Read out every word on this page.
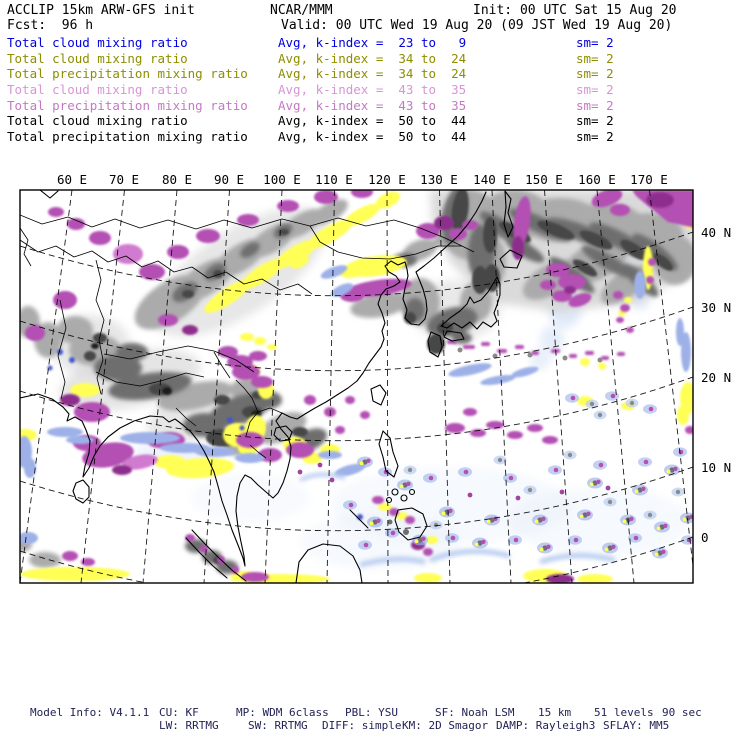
ACCLIP 15km ARW-GFS init	NCAR/MMM	Init: 00 UTC Sat 15 Aug 20
Fcst:  96 h	Valid: 00 UTC Wed 19 Aug 20 (09 JST Wed 19 Aug 20)
Total cloud mixing ratio	Avg, k-index =  23 to   9	sm= 2
Total cloud mixing ratio	Avg, k-index =  34 to  24	sm= 2
Total precipitation mixing ratio Avg, k-index =  34 to  24	sm= 2
Total cloud mixing ratio	Avg, k-index =  43 to  35	sm= 2
Total precipitation mixing ratio Avg, k-index =  43 to  35	sm= 2
Total cloud mixing ratio	Avg, k-index =  50 to  44	sm= 2
Total precipitation mixing ratio Avg, k-index =  50 to  44	sm= 2
60 E 70 E 80 E 90 E 100 E 110 E 120 E 130 E 140 E 150 E 160 E 170 E
40 N
30 N
20 N
10 N
0
Model Info: V4.1.1 CU: KF	MP: WDM 6class PBL: YSU	SF: Noah LSM 15 km 51 levels 90 sec
LW: RRTMG	SW: RRTMG DIFF: simple KM: 2D Smagor DAMP: Rayleigh3 SFLAY: MM5
